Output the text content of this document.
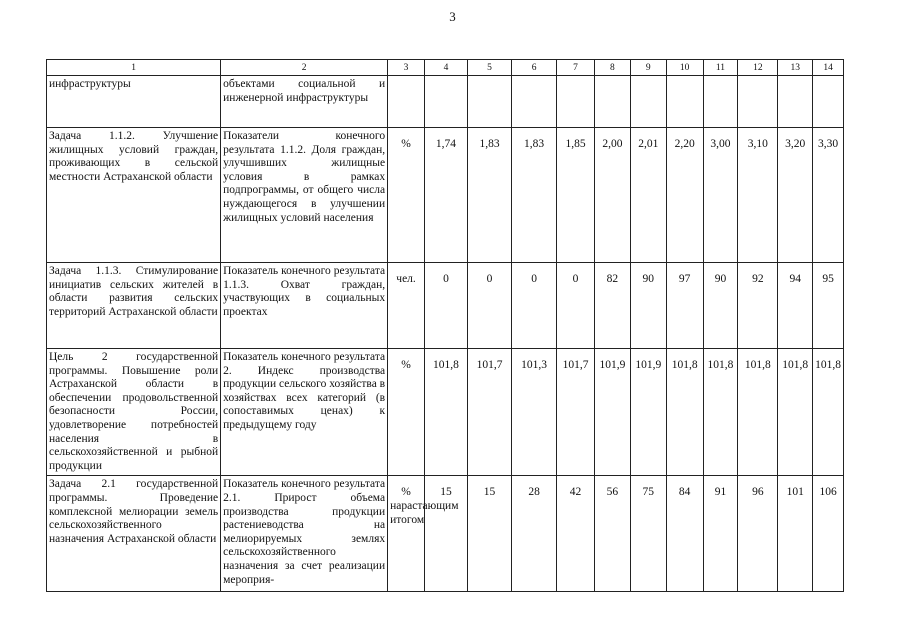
3
1	2	3	4	5	6	7	8	9	10	11	12	13	14
инфраструктуры	объектами социальной и инженерной инфраструктуры												
Задача 1.1.2. Улучшение жилищных условий граждан, проживающих в сельской местности Астраханской области	Показатели конечного результата 1.1.2. Доля граждан, улучшивших жилищные условия в рамках подпрограммы, от общего числа нуждающегося в улучшении жилищных условий населения	%	1,74	1,83	1,83	1,85	2,00	2,01	2,20	3,00	3,10	3,20	3,30
Задача 1.1.3. Стимулирование инициатив сельских жителей в области развития сельских территорий Астраханской области	Показатель конечного результата 1.1.3. Охват граждан, участвующих в социальных проектах	чел.	0	0	0	0	82	90	97	90	92	94	95
Цель 2 государственной программы. Повышение роли Астраханской области в обеспечении продовольственной безопасности России, удовлетворение потребностей населения в сельскохозяйственной и рыбной продукции	Показатель конечного результата 2. Индекс производства продукции сельского хозяйства в хозяйствах всех категорий (в сопоставимых ценах) к предыдущему году	%	101,8	101,7	101,3	101,7	101,9	101,9	101,8	101,8	101,8	101,8	101,8
Задача 2.1 государственной программы. Проведение комплексной мелиорации земель сельскохозяйственного назначения Астраханской области	Показатель конечного результата 2.1. Прирост объема производства продукции растениеводства на мелиорируемых землях сельскохозяйственного назначения за счет реализации мероприя-	% нарастающим итогом	15	15	28	42	56	75	84	91	96	101	106
